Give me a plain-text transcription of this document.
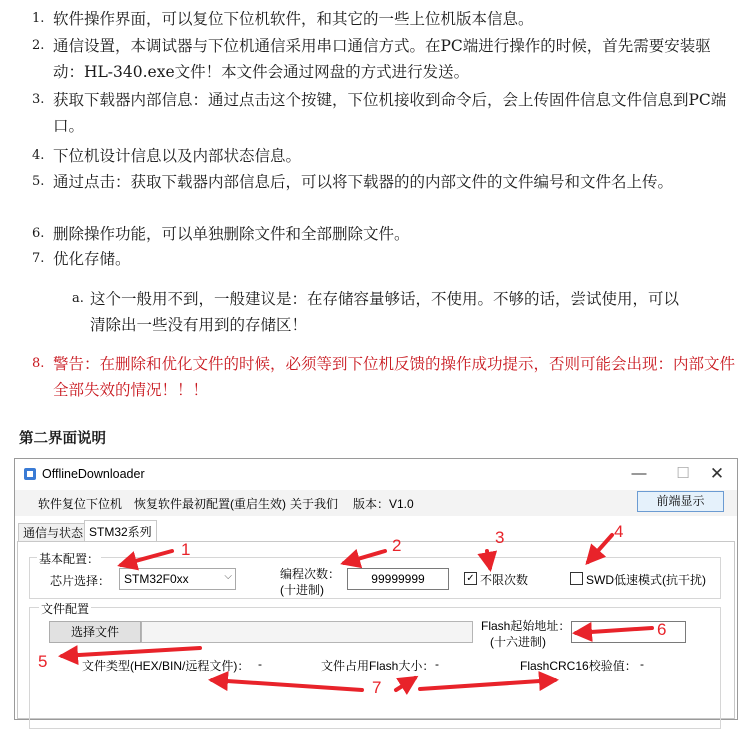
1. 软件操作界面，可以复位下位机软件，和其它的一些上位机版本信息。
2. 通信设置，本调试器与下位机通信采用串口通信方式。在PC端进行操作的时候，首先需要安装驱动：HL-340.exe文件！本文件会通过网盘的方式进行发送。
3. 获取下载器内部信息：通过点击这个按键，下位机接收到命令后，会上传固件信息文件信息到PC端口。
4. 下位机设计信息以及内部状态信息。
5. 通过点击：获取下载器内部信息后，可以将下载器的的内部文件的文件编号和文件名上传。
6. 删除操作功能，可以单独删除文件和全部删除文件。
7. 优化存储。
a. 这个一般用不到，一般建议是：在存储容量够话，不使用。不够的话，尝试使用，可以清除出一些没有用到的存储区！
8. 警告：在删除和优化文件的时候，必须等到下位机反馈的操作成功提示，否则可能会出现：内部文件全部失效的情况！！！
第二界面说明
OfflineDownloader	—	☐	✕
软件复位下位机 恢复软件最初配置(重启生效) 关于我们 版本：V1.0	前端显示
通信与状态 STM32系列
基本配置：
芯片选择： STM32F0xx	⌵	编程次数：
(十进制)
99999999	✓ 不限次数	SWD低速模式(抗干扰)
文件配置
选择文件	Flash起始地址：
(十六进制)
文件类型(HEX/BIN/远程文件)： -	文件占用Flash大小： -	FlashCRC16校验值： -
1	2	3	4
5
6
7
